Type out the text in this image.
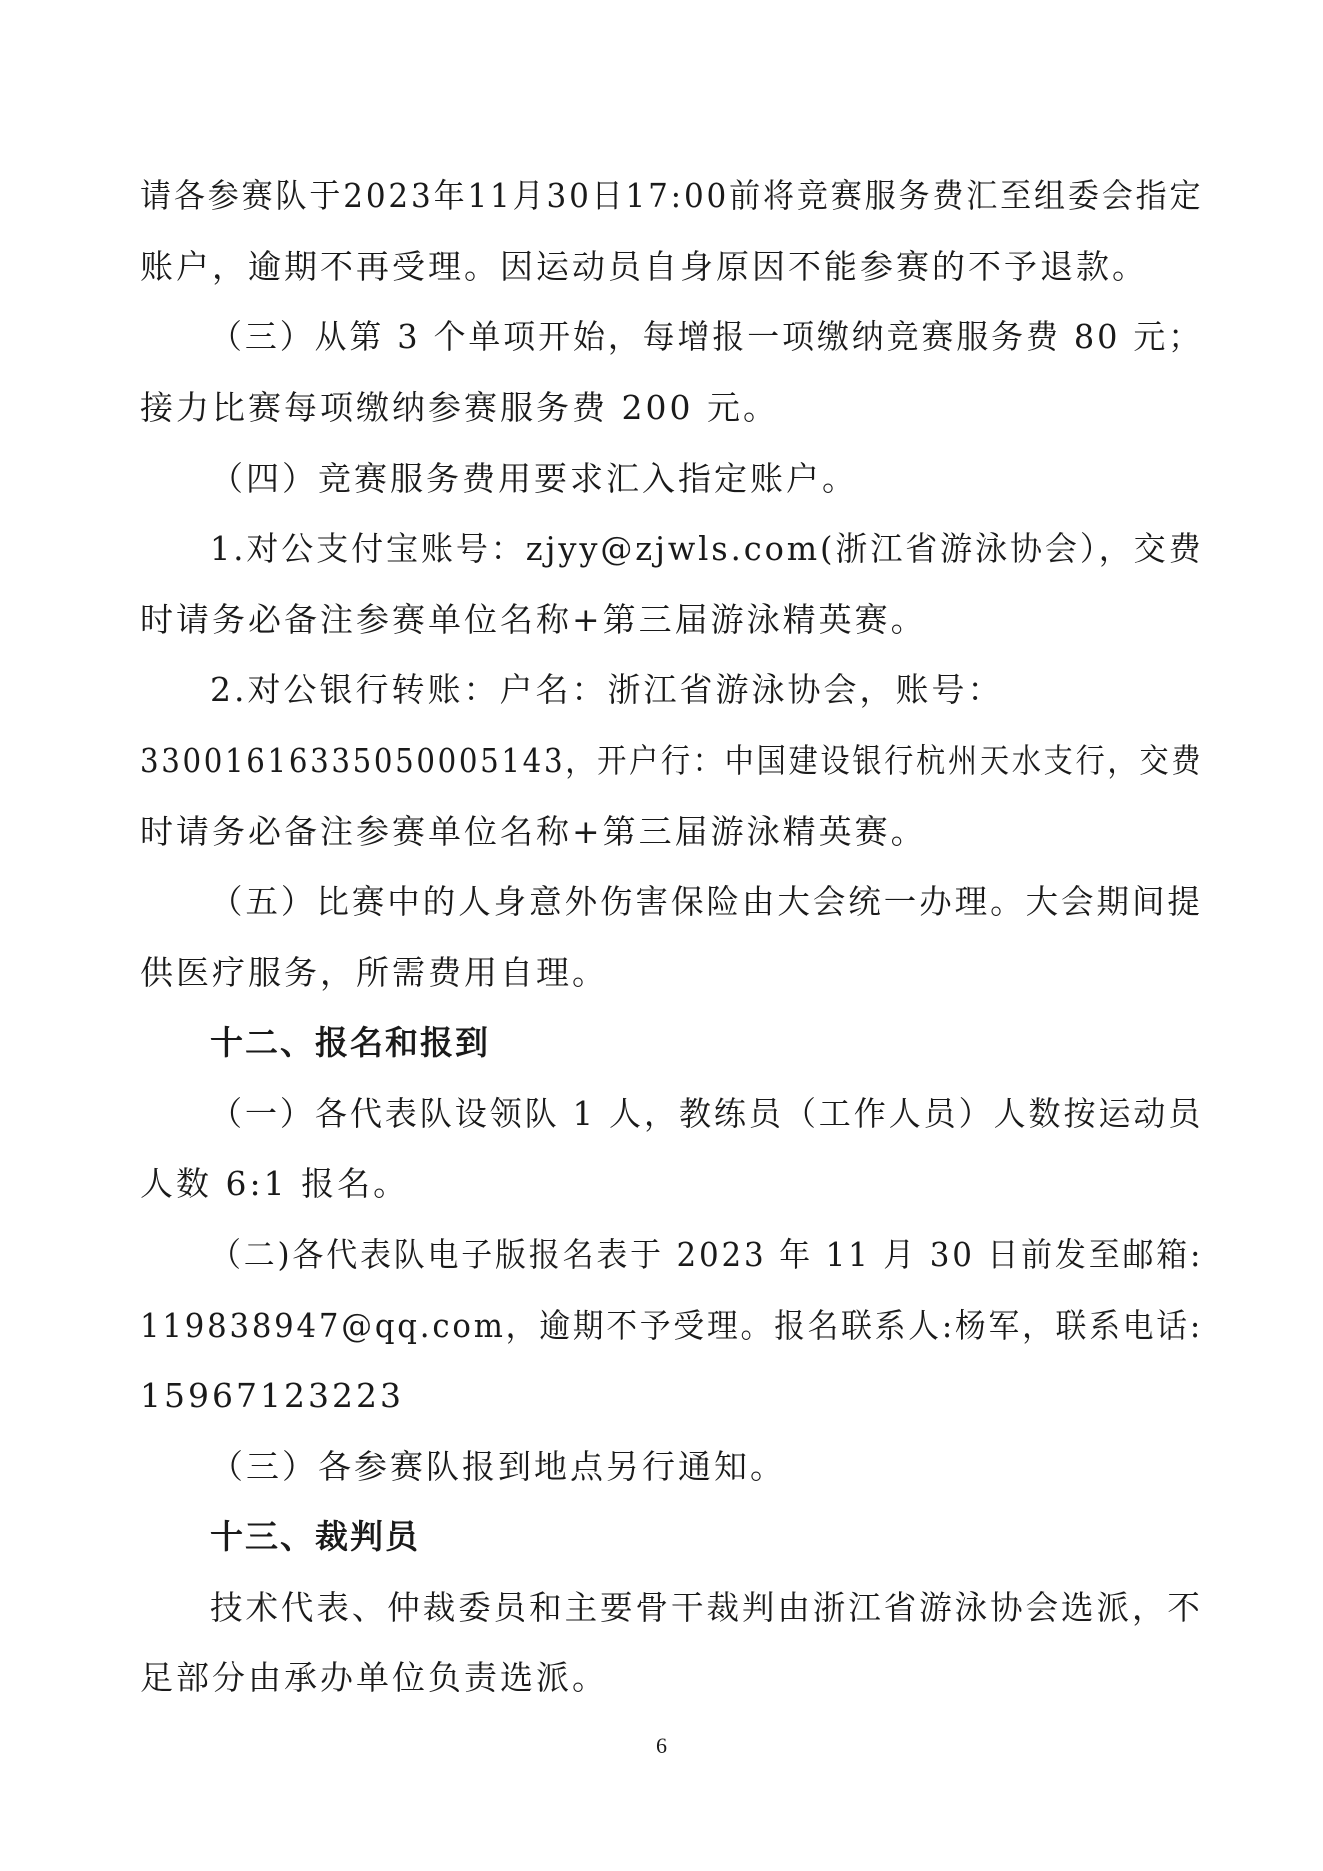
请各参赛队于2023年11月30日17:00前将竞赛服务费汇至组委会指定
账户，逾期不再受理。因运动员自身原因不能参赛的不予退款。
（三）从第 3 个单项开始，每增报一项缴纳竞赛服务费 80 元；
接力比赛每项缴纳参赛服务费 200 元。
（四）竞赛服务费用要求汇入指定账户。
1.对公支付宝账号：zjyy@zjwls.com(浙江省游泳协会），交费
时请务必备注参赛单位名称+第三届游泳精英赛。
2.对公银行转账：户名：浙江省游泳协会，账号：
33001616335050005143，开户行：中国建设银行杭州天水支行，交费
时请务必备注参赛单位名称+第三届游泳精英赛。
（五）比赛中的人身意外伤害保险由大会统一办理。大会期间提
供医疗服务，所需费用自理。
十二、报名和报到
（一）各代表队设领队 1 人，教练员（工作人员）人数按运动员
人数 6:1 报名。
（二)各代表队电子版报名表于 2023 年 11 月 30 日前发至邮箱:
119838947@qq.com，逾期不予受理。报名联系人:杨军，联系电话:
15967123223
（三）各参赛队报到地点另行通知。
十三、裁判员
技术代表、仲裁委员和主要骨干裁判由浙江省游泳协会选派，不
足部分由承办单位负责选派。
6
